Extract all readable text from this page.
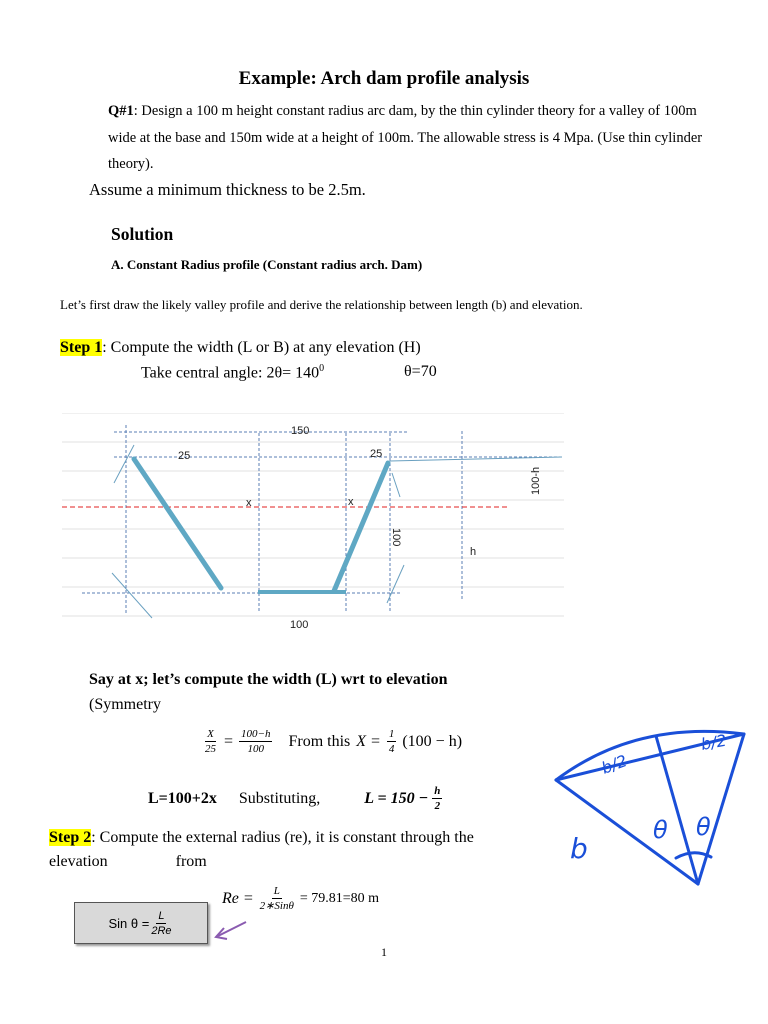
Example: Arch dam profile analysis
Q#1: Design a 100 m height constant radius arc dam, by the thin cylinder theory for a valley of 100m wide at the base and 150m wide at a height of 100m. The allowable stress is 4 Mpa. (Use thin cylinder theory).
Assume a minimum thickness to be 2.5m.
Solution
A. Constant Radius profile (Constant radius arch. Dam)
Let’s first draw the likely valley profile and derive the relationship between length (b) and elevation.
Step 1: Compute the width (L or B) at any elevation (H)
Take central angle: $2\theta= 140^0$	θ=70
150
25	25
x	x
100
h
100-h
100
Say at x; let’s compute the width (L) wrt to elevation
(Symmetry
$\frac{X}{25} = \frac{100-h}{100}$ From this $X = \frac{1}{4} (100 - h)$
L=100+2x Substituting,	$L = 150 - \frac{h}{2}$
Step 2: Compute the external radius (re), it is constant through the elevation	from
$Re = \frac{L}{\text{2∗Sinθ}} = 79.81=80$ m
Sin $\theta = \frac{L}{2Re}$
b/2
b/2
b
θ θ
1
